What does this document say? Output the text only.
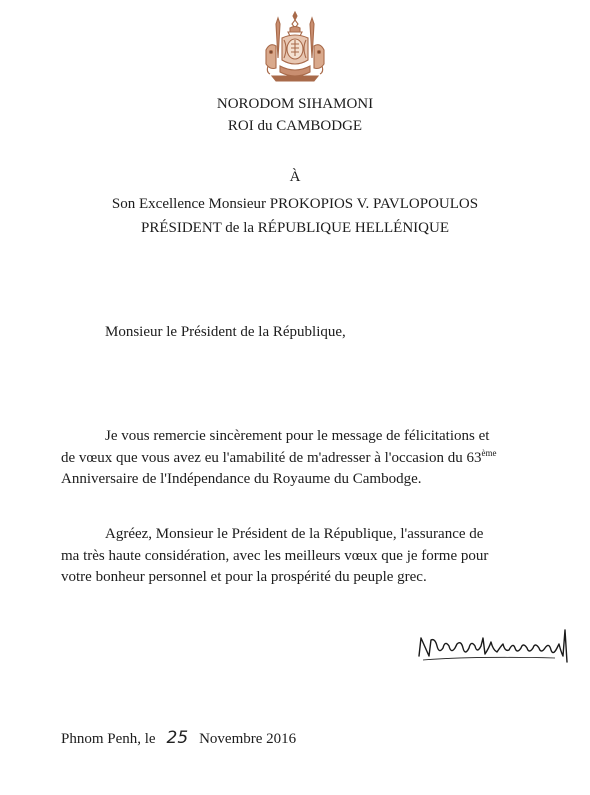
NORODOM SIHAMONI
ROI du CAMBODGE
À
Son Excellence Monsieur PROKOPIOS V. PAVLOPOULOS
PRÉSIDENT de la RÉPUBLIQUE HELLÉNIQUE
Monsieur le Président de la République,
Je vous remercie sincèrement pour le message de félicitations et
de vœux que vous avez eu l'amabilité de m'adresser à l'occasion du 63ème
Anniversaire de l'Indépendance du Royaume du Cambodge.
Agréez, Monsieur le Président de la République, l'assurance de
ma très haute considération, avec les meilleurs vœux que je forme pour
votre bonheur personnel et pour la prospérité du peuple grec.
Phnom Penh, le 25 Novembre 2016
